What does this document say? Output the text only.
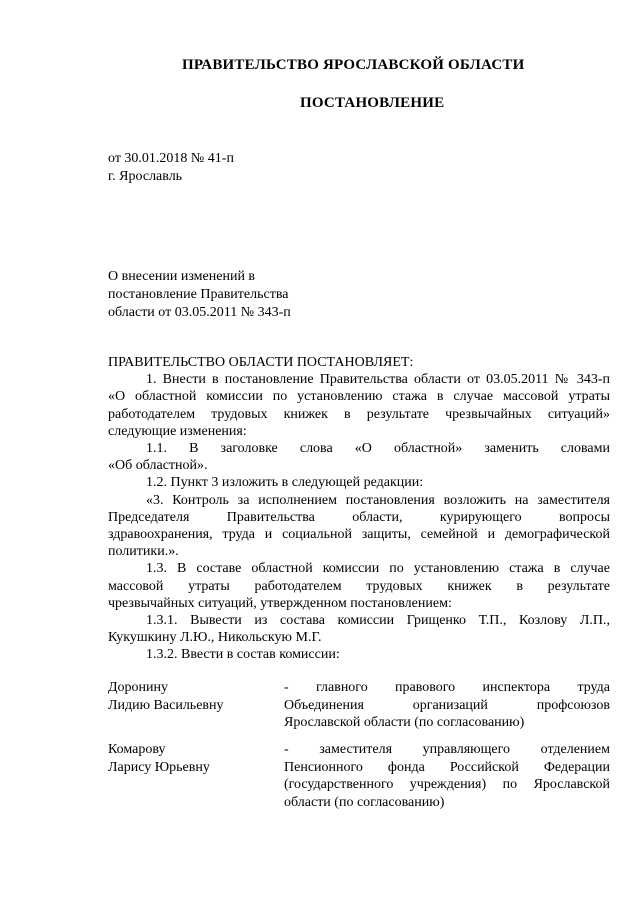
ПРАВИТЕЛЬСТВО ЯРОСЛАВСКОЙ ОБЛАСТИ
ПОСТАНОВЛЕНИЕ
от 30.01.2018 № 41-п
г. Ярославль
О внесении изменений в
постановление Правительства
области от 03.05.2011 № 343-п
ПРАВИТЕЛЬСТВО ОБЛАСТИ ПОСТАНОВЛЯЕТ:
1. Внести в постановление Правительства области от 03.05.2011 № 343-п
«О областной комиссии по установлению стажа в случае массовой утраты
работодателем трудовых книжек в результате чрезвычайных ситуаций»
следующие изменения:
1.1. В заголовке слова «О областной» заменить словами
«Об областной».
1.2. Пункт 3 изложить в следующей редакции:
«3. Контроль за исполнением постановления возложить на заместителя
Председателя Правительства области, курирующего вопросы
здравоохранения, труда и социальной защиты, семейной и демографической
политики.».
1.3. В составе областной комиссии по установлению стажа в случае
массовой утраты работодателем трудовых книжек в результате
чрезвычайных ситуаций, утвержденном постановлением:
1.3.1. Вывести из состава комиссии Грищенко Т.П., Козлову Л.П.,
Кукушкину Л.Ю., Никольскую М.Г.
1.3.2. Ввести в состав комиссии:
Доронину
Лидию Васильевну
- главного правового инспектора труда
Объединения организаций профсоюзов
Ярославской области (по согласованию)
Комарову
Ларису Юрьевну
- заместителя управляющего отделением
Пенсионного фонда Российской Федерации
(государственного учреждения) по Ярославской
области (по согласованию)
